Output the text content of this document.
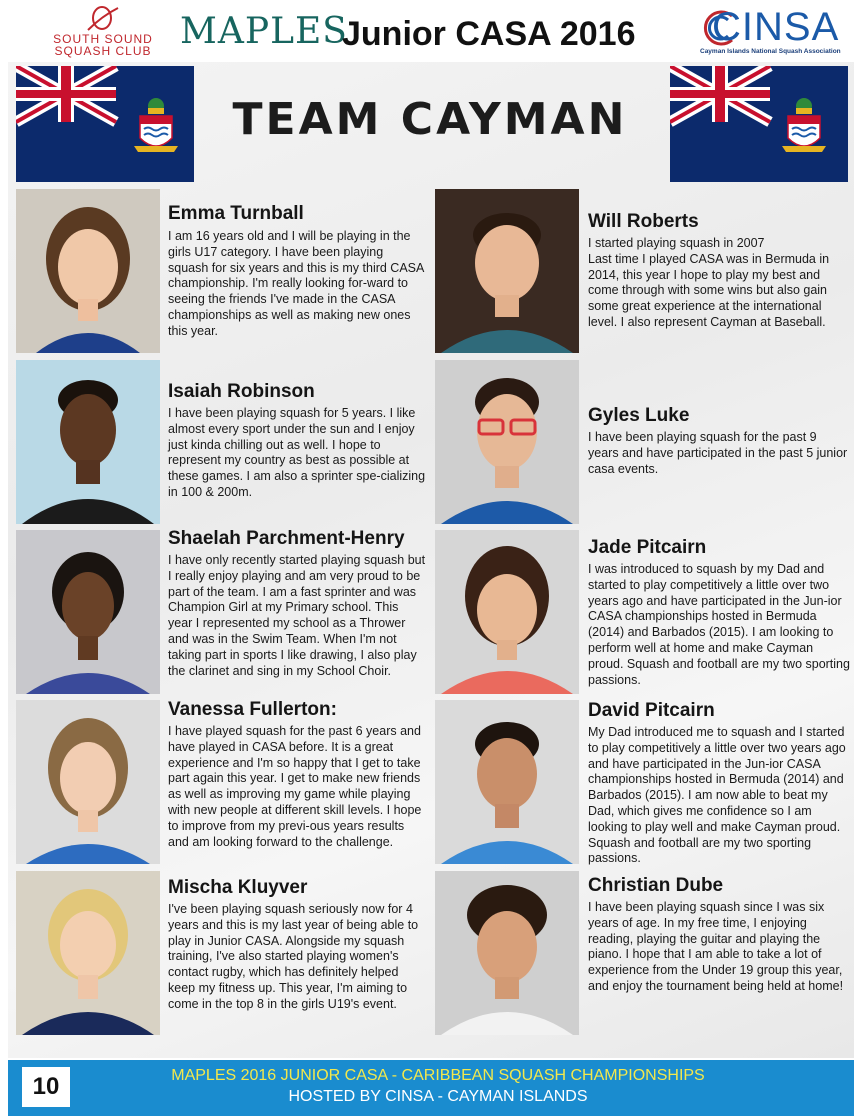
SOUTH SOUND
SQUASH CLUB MAPLES
Junior CASA 2016 CINSA
Cayman Islands National Squash Association
TEAM CAYMAN
Emma Turnball

I am 16 years old and I will be playing in the girls U17 category. I have been playing squash for six years and this is my third CASA championship. I'm really looking for-ward to seeing the friends I've made in the CASA championships as well as making new ones this year.

Isaiah Robinson

I have been playing squash for 5 years. I like almost every sport under the sun and I enjoy just kinda chilling out as well. I hope to represent my country as best as possible at these games. I am also a sprinter spe-cializing in 100 & 200m.

Shaelah Parchment-Henry

I have only recently started playing squash but I really enjoy playing and am very proud to be part of the team. I am a fast sprinter and was Champion Girl at my Primary school. This year I represented my school as a Thrower and was in the Swim Team. When I'm not taking part in sports I like drawing, I also play the clarinet and sing in my School Choir.

Vanessa Fullerton:

I have played squash for the past 6 years and have played in CASA before. It is a great experience and I'm so happy that I get to take part again this year. I get to make new friends as well as improving my game while playing with new people at different skill levels. I hope to improve from my previ-ous years results and am looking forward to the challenge.

Mischa Kluyver

I've been playing squash seriously now for 4 years and this is my last year of being able to play in Junior CASA. Alongside my squash training, I've also started playing women's contact rugby, which has definitely helped keep my fitness up. This year, I'm aiming to come in the top 8 in the girls U19's event.

Will Roberts

I started playing squash in 2007
Last time I played CASA was in Bermuda in 2014, this year I hope to play my best and come through with some wins but also gain some great experience at the international level. I also represent Cayman at Baseball.

Gyles Luke

I have been playing squash for the past 9 years and have participated in the past 5 junior casa events.

Jade Pitcairn

I was introduced to squash by my Dad and started to play competitively a little over two years ago and have participated in the Jun-ior CASA championships hosted in Bermuda (2014) and Barbados (2015). I am looking to perform well at home and make Cayman proud. Squash and football are my two sporting passions.

David Pitcairn

My Dad introduced me to squash and I started to play competitively a little over two years ago and have participated in the Jun-ior CASA championships hosted in Bermuda (2014) and Barbados (2015). I am now able to beat my Dad, which gives me confidence so I am looking to play well and make Cayman proud. Squash and football are my two sporting passions.

Christian Dube

I have been playing squash since I was six years of age. In my free time, I enjoying reading, playing the guitar and playing the piano. I hope that I am able to take a lot of experience from the Under 19 group this year, and enjoy the tournament being held at home!

10	MAPLES 2016 JUNIOR CASA - CARIBBEAN SQUASH CHAMPIONSHIPS
HOSTED BY CINSA - CAYMAN ISLANDS
